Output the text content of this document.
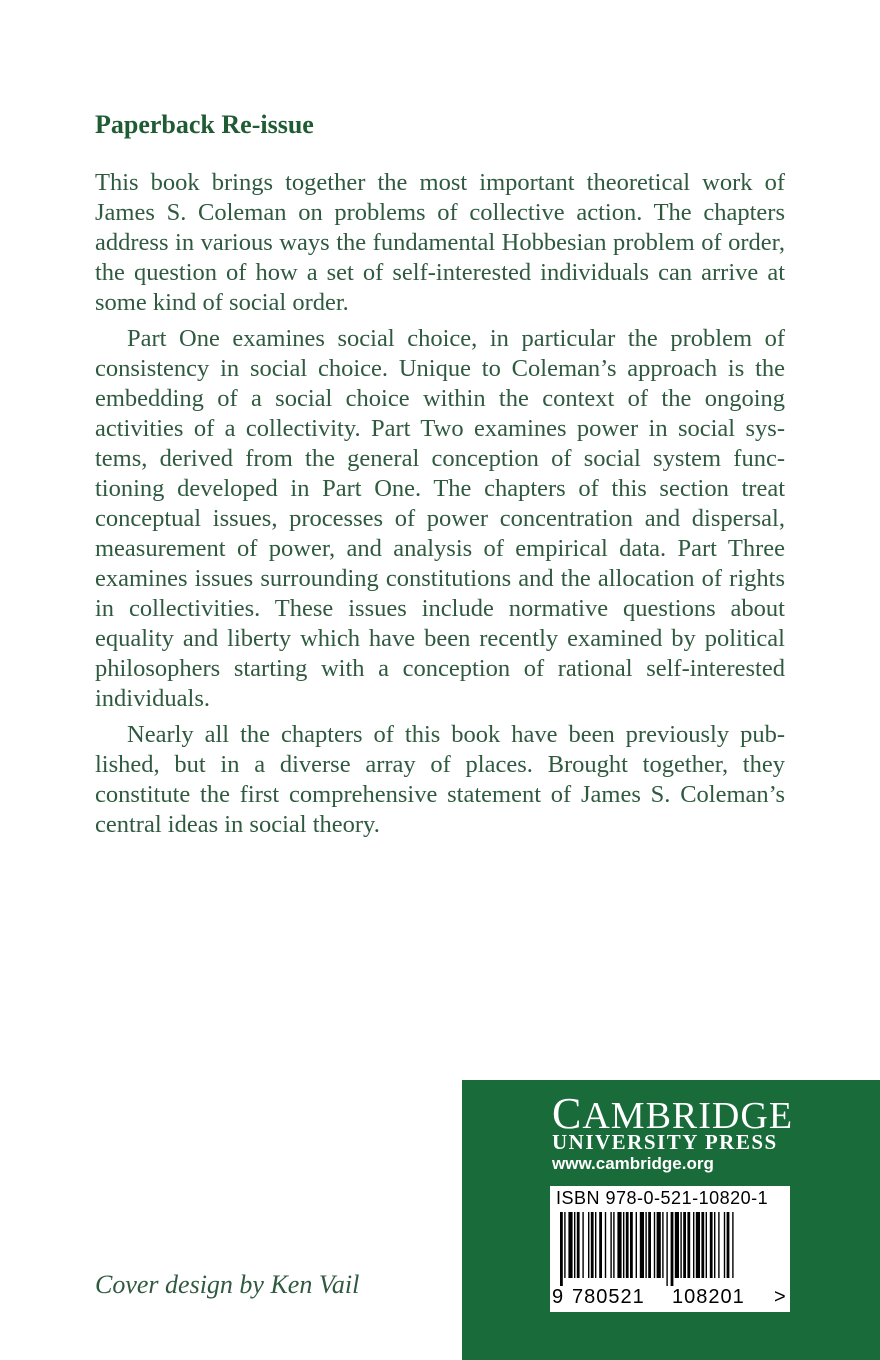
Paperback Re-issue

This book brings together the most important theoretical work of James S. Coleman on problems of collective action. The chapters address in various ways the fundamental Hobbesian problem of order, the question of how a set of self-interested individuals can arrive at some kind of social order.

Part One examines social choice, in particular the problem of consistency in social choice. Unique to Coleman’s approach is the embedding of a social choice within the context of the ongoing activities of a collectivity. Part Two examines power in social systems, derived from the general conception of social system functioning developed in Part One. The chapters of this section treat conceptual issues, processes of power concentration and dispersal, measurement of power, and analysis of empirical data. Part Three examines issues surrounding constitutions and the allocation of rights in collectivities. These issues include normative questions about equality and liberty which have been recently examined by political philosophers starting with a conception of rational self-interested individuals.

Nearly all the chapters of this book have been previously published, but in a diverse array of places. Brought together, they constitute the first comprehensive statement of James S. Coleman’s central ideas in social theory.

Cover design by Ken Vail
CAMBRIDGE
UNIVERSITY PRESS
www.cambridge.org
ISBN 978-0-521-10820-1
9 780521 108201 >
